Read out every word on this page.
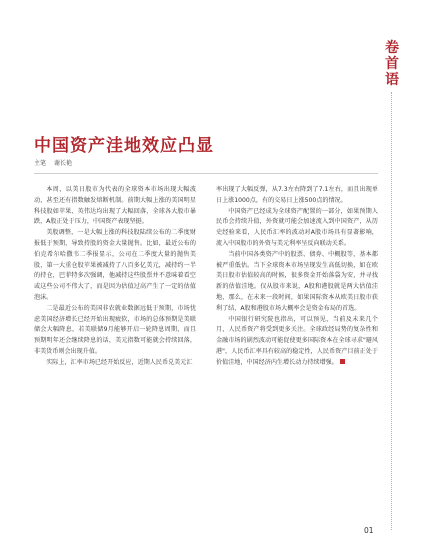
卷
首
语
中国资产洼地效应凸显
主笔 谢长艳

本周，以美日股市为代表的全球资本市场出现大幅波动，甚至还有指数触发熔断机制。前期大幅上涨的美国明星科技股如苹果、英伟达均出现了大幅回落，全球各大股市暴跌，A股正处于压力，中国资产表现坚挺。

美股调整，一是大幅上涨的科技股陆续公布的二季度财报低于预期，导致持股的资金大量抛售。比如，最近公布的伯克希尔哈撒韦二季报显示，公司在二季度大量的抛售美股，第一大重仓股苹果被减持了八百多亿美元，减持约一半的持仓，巴菲特多次强调，他减持这些股票并不意味着看空或这些公司不伟大了，而是因为估值过高产生了一定的估值泡沫。

二是最近公布的美国非农就业数据远低于预期，市场忧虑美国经济增长已经开始出现疲软，市场的总体预期是美联储会大幅降息，若美联储9月能够开启一轮降息周期，而且预期明年还会继续降息的话，美元指数可能就会持续回落，非美货币则会出现升值。

实际上，汇率市场已经开始反应，近期人民币兑美元汇

率出现了大幅反弹，从7.3左右降到了7.1左右，而且出现单日上涨1000点，有的交易日上涨500点的情况。

中国资产已经成为全球资产配置的一部分，如果预期人民币会持续升值，外资就可能会加速流入到中国资产，从历史经验来看，人民币汇率的波动对A股市场具有显著影响，流入中国股市的外资与美元利率呈反向联动关系。

当前中国各类资产中的股票、债券、中概股等，基本都被严重低估。当下全球资本市场呈现发生高低切换，如在欧美日股市估值较高的时候，很多资金开始落袋为安，并寻找新的估值洼地。仅从股市来说，A股和港股就是两大估值洼地，那么，在未来一段时间，如果国际资本从欧美日股市获利了结，A股和港股市场大概率会是资金布局的首选。

中国银行研究院也指出，可以预见，当前及未来几个月，人民币资产将受到更多关注。全球政经局势的复杂性和金融市场的剧烈波动可能促使更多国际资本在全球寻求"避风港"，人民币汇率具有较高的稳定性，人民币资产目前正处于价值洼地，中国经济内生增长动力持续增强。

01
